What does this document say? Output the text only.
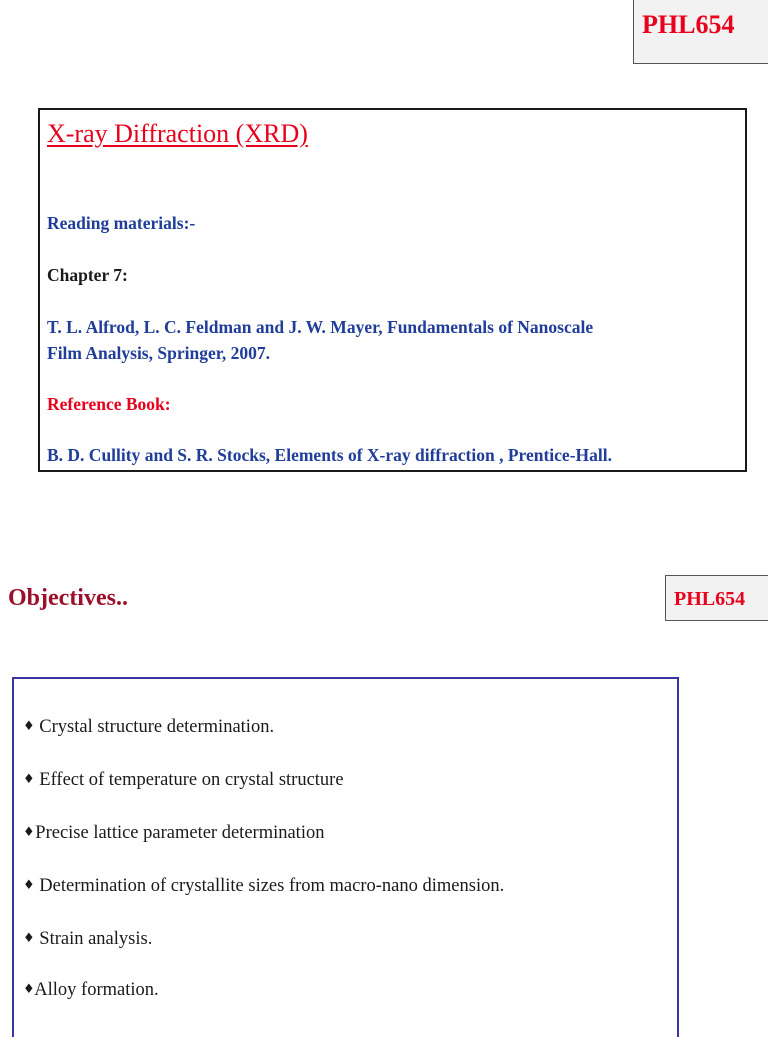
PHL654
X-ray Diffraction (XRD)
Reading materials:-
Chapter 7:
T. L. Alfrod, L. C. Feldman and J. W. Mayer, Fundamentals of Nanoscale
Film Analysis, Springer, 2007.
Reference Book:
B. D. Cullity and S. R. Stocks, Elements of X-ray diffraction , Prentice-Hall.
Objectives..	PHL654
♦ Crystal structure determination.
♦ Effect of temperature on crystal structure
♦ Precise lattice parameter determination
♦ Determination of crystallite sizes from macro-nano dimension.
♦ Strain analysis.
♦ Alloy formation.
